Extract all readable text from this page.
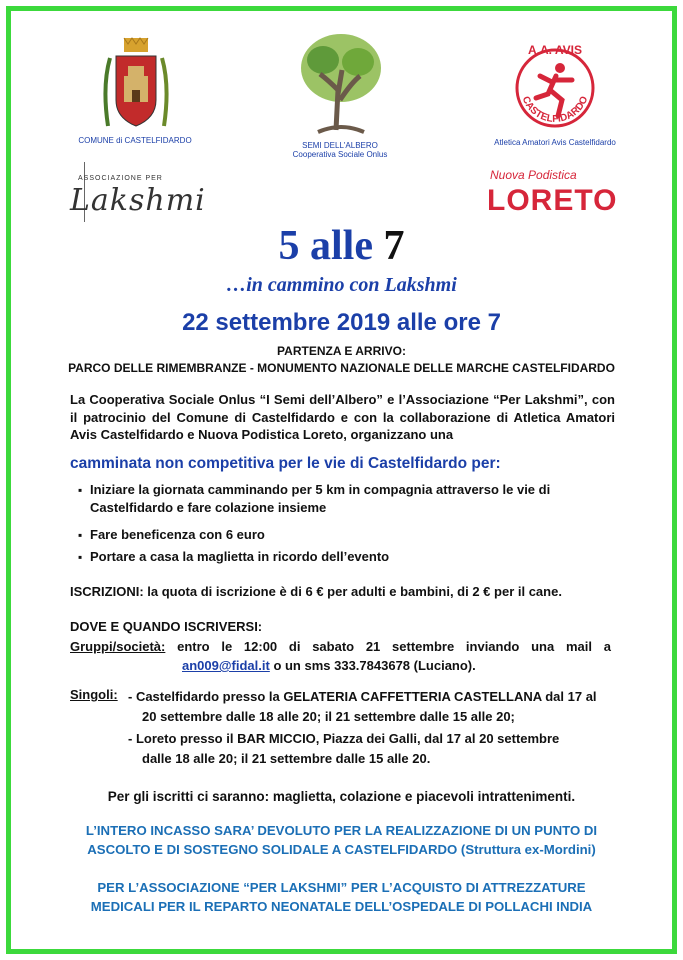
COMUNE di CASTELFIDARDO
SEMI DELL'ALBERO
Cooperativa Sociale Onlus
A.A. AVIS
CASTELFIDARDO
Atletica Amatori Avis Castelfidardo
ASSOCIAZIONE PER
Lakshmi
Nuova Podistica
LORETO
5 alle 7
…in cammino con Lakshmi
22 settembre 2019 alle ore 7
PARTENZA E ARRIVO:
PARCO DELLE RIMEMBRANZE - MONUMENTO NAZIONALE DELLE MARCHE CASTELFIDARDO
La Cooperativa Sociale Onlus “I Semi dell’Albero” e l’Associazione “Per Lakshmi”, con il patrocinio del Comune di Castelfidardo e con la collaborazione di Atletica Amatori Avis Castelfidardo e Nuova Podistica Loreto, organizzano una
camminata non competitiva per le vie di Castelfidardo per:
▪ Iniziare la giornata camminando per 5 km in compagnia attraverso le vie di Castelfidardo e fare colazione insieme
▪ Fare beneficenza con 6 euro
▪ Portare a casa la maglietta in ricordo dell’evento
ISCRIZIONI: la quota di iscrizione è di 6 € per adulti e bambini, di 2 € per il cane.
DOVE E QUANDO ISCRIVERSI:
Gruppi/società: entro le 12:00 di sabato 21 settembre inviando una mail a
an009@fidal.it o un sms 333.7843678 (Luciano).
Singoli: - Castelfidardo presso la GELATERIA CAFFETTERIA CASTELLANA dal 17 al
20 settembre dalle 18 alle 20; il 21 settembre dalle 15 alle 20;
- Loreto presso il BAR MICCIO, Piazza dei Galli, dal 17 al 20 settembre
dalle 18 alle 20; il 21 settembre dalle 15 alle 20.
Per gli iscritti ci saranno: maglietta, colazione e piacevoli intrattenimenti.
L’INTERO INCASSO SARA’ DEVOLUTO PER LA REALIZZAZIONE DI UN PUNTO DI
ASCOLTO E DI SOSTEGNO SOLIDALE A CASTELFIDARDO (Struttura ex-Mordini)
PER L’ASSOCIAZIONE “PER LAKSHMI” PER L’ACQUISTO DI ATTREZZATURE
MEDICALI PER IL REPARTO NEONATALE DELL’OSPEDALE DI POLLACHI INDIA
